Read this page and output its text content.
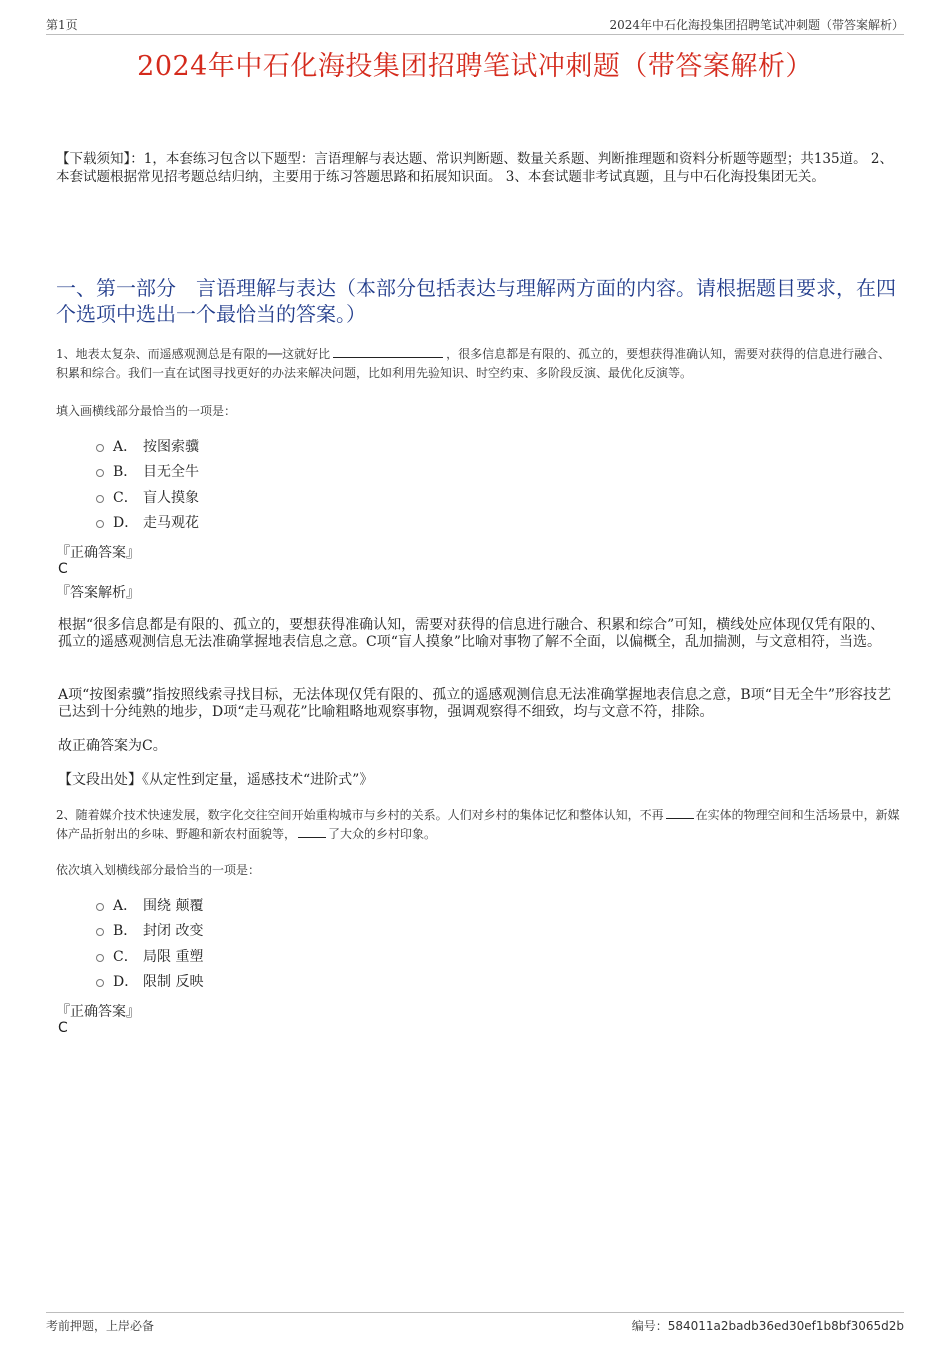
第1页	2024年中石化海投集团招聘笔试冲刺题（带答案解析）
2024年中石化海投集团招聘笔试冲刺题（带答案解析）
【下载须知】：1，本套练习包含以下题型：言语理解与表达题、常识判断题、数量关系题、判断推理题和资料分析题等题型；共135道。 2、本套试题根据常见招考题总结归纳，主要用于练习答题思路和拓展知识面。 3、本套试题非考试真题，且与中石化海投集团无关。
一、第一部分　言语理解与表达（本部分包括表达与理解两方面的内容。请根据题目要求，在四个选项中选出一个最恰当的答案。）
1、地表太复杂、而遥感观测总是有限的──这就好比	，很多信息都是有限的、孤立的，要想获得准确认知，需要对获得的信息进行融合、积累和综合。我们一直在试图寻找更好的办法来解决问题，比如利用先验知识、时空约束、多阶段反演、最优化反演等。
填入画横线部分最恰当的一项是：
A． 按图索骥
B． 目无全牛
C． 盲人摸象
D． 走马观花
『正确答案』
C
『答案解析』
根据“很多信息都是有限的、孤立的，要想获得准确认知，需要对获得的信息进行融合、积累和综合”可知，横线处应体现仅凭有限的、孤立的遥感观测信息无法准确掌握地表信息之意。C项“盲人摸象”比喻对事物了解不全面，以偏概全，乱加揣测，与文意相符，当选。
A项“按图索骥”指按照线索寻找目标，无法体现仅凭有限的、孤立的遥感观测信息无法准确掌握地表信息之意，B项“目无全牛”形容技艺已达到十分纯熟的地步，D项“走马观花”比喻粗略地观察事物，强调观察得不细致，均与文意不符，排除。
故正确答案为C。
【文段出处】《从定性到定量，遥感技术“进阶式”》
2、随着媒介技术快速发展，数字化交往空间开始重构城市与乡村的关系。人们对乡村的集体记忆和整体认知，不再	在实体的物理空间和生活场景中，新媒体产品折射出的乡味、野趣和新农村面貌等，	了大众的乡村印象。
依次填入划横线部分最恰当的一项是：
A． 围绕 颠覆
B． 封闭 改变
C． 局限 重塑
D． 限制 反映
『正确答案』
C
考前押题，上岸必备	编号：584011a2badb36ed30ef1b8bf3065d2b
